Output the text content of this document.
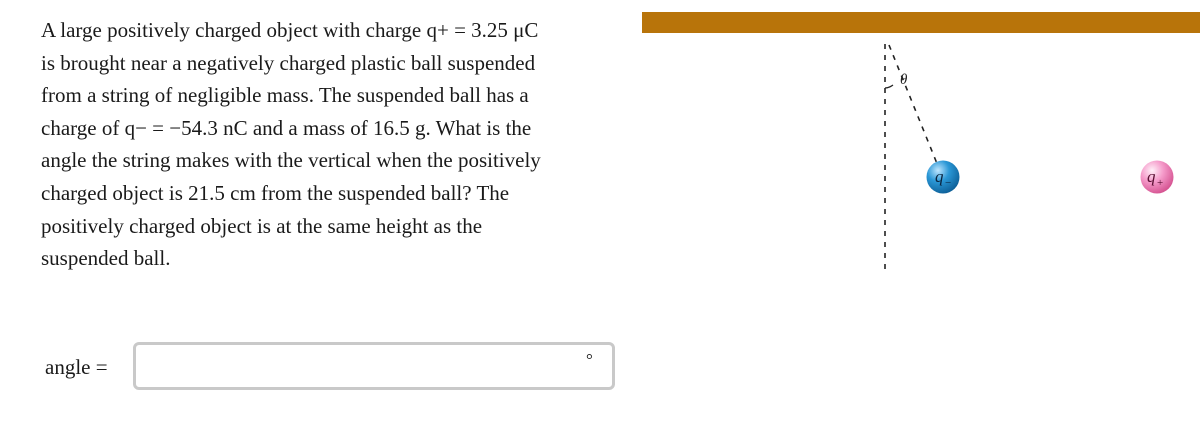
A large positively charged object with charge q+ = 3.25 μC
is brought near a negatively charged plastic ball suspended
from a string of negligible mass. The suspended ball has a
charge of q− = −54.3 nC and a mass of 16.5 g. What is the
angle the string makes with the vertical when the positively
charged object is 21.5 cm from the suspended ball? The
positively charged object is at the same height as the
suspended ball.
angle =	°
θ
q −	q +
